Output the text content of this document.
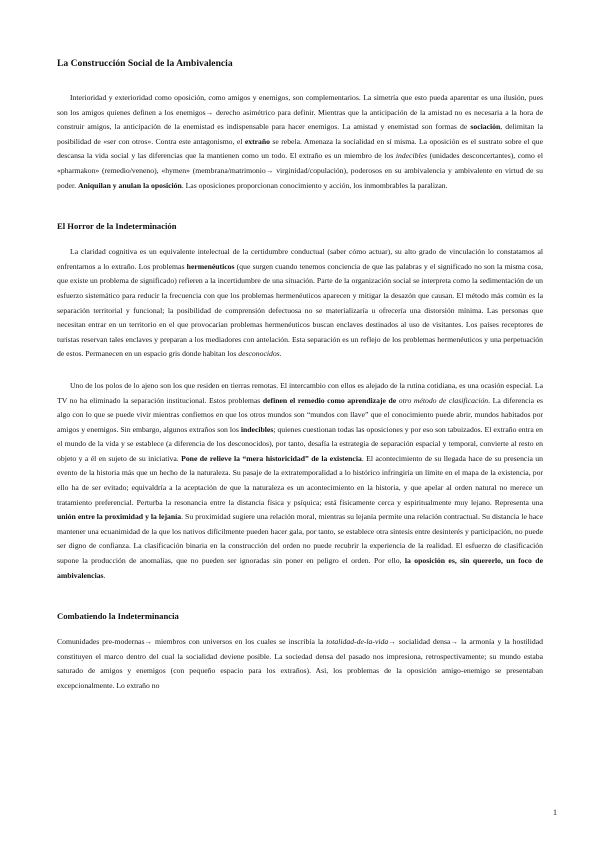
La Construcción Social de la Ambivalencia

Interioridad y exterioridad como oposición, como amigos y enemigos, son complementarios. La simetría que esto pueda aparentar es una ilusión, pues son los amigos quienes definen a los enemigos→ derecho asimétrico para definir. Mientras que la anticipación de la amistad no es necesaria a la hora de construir amigos, la anticipación de la enemistad es indispensable para hacer enemigos. La amistad y enemistad son formas de sociación, delimitan la posibilidad de «ser con otros». Contra este antagonismo, el extraño se rebela. Amenaza la socialidad en sí misma. La oposición es el sustrato sobre el que descansa la vida social y las diferencias que la mantienen como un todo. El extraño es un miembro de los indecibles (unidades desconcertantes), como el «pharmakon» (remedio/veneno), «hymen» (membrana/matrimonio→ virginidad/copulación), poderosos en su ambivalencia y ambivalente en virtud de su poder. Aniquilan y anulan la oposición. Las oposiciones proporcionan conocimiento y acción, los inmombrables la paralizan.

El Horror de la Indeterminación

La claridad cognitiva es un equivalente intelectual de la certidumbre conductual (saber cómo actuar), su alto grado de vinculación lo constatamos al enfrentarnos a lo extraño. Los problemas hermenéuticos (que surgen cuando tenemos conciencia de que las palabras y el significado no son la misma cosa, que existe un problema de significado) refieren a la incertidumbre de una situación. Parte de la organización social se interpreta como la sedimentación de un esfuerzo sistemático para reducir la frecuencia con que los problemas hermenéuticos aparecen y mitigar la desazón que causan. El método más común es la separación territorial y funcional; la posibilidad de comprensión defectuosa no se materializaría u ofrecería una distorsión mínima. Las personas que necesitan entrar en un territorio en el que provocarían problemas hermenéuticos buscan enclaves destinados al uso de visitantes. Los países receptores de turistas reservan tales enclaves y preparan a los mediadores con antelación. Esta separación es un reflejo de los problemas hermenéuticos y una perpetuación de estos. Permanecen en un espacio gris donde habitan los desconocidos.

Uno de los polos de lo ajeno son los que residen en tierras remotas. El intercambio con ellos es alejado de la rutina cotidiana, es una ocasión especial. La TV no ha eliminado la separación institucional. Estos problemas definen el remedio como aprendizaje de otro método de clasificación. La diferencia es algo con lo que se puede vivir mientras confiemos en que los otros mundos son “mundos con llave” que el conocimiento puede abrir, mundos habitados por amigos y enemigos. Sin embargo, algunos extraños son los indecibles; quienes cuestionan todas las oposiciones y por eso son tabuizados. El extraño entra en el mundo de la vida y se establece (a diferencia de los desconocidos), por tanto, desafía la estrategia de separación espacial y temporal, convierte al resto en objeto y a él en sujeto de su iniciativa. Pone de relieve la “mera historicidad” de la existencia. El acontecimiento de su llegada hace de su presencia un evento de la historia más que un hecho de la naturaleza. Su pasaje de la extratemporalidad a lo histórico infringiría un límite en el mapa de la existencia, por ello ha de ser evitado; equivaldría a la aceptación de que la naturaleza es un acontecimiento en la historia, y que apelar al orden natural no merece un tratamiento preferencial. Perturba la resonancia entre la distancia física y psíquica; está físicamente cerca y espiritualmente muy lejano. Representa una unión entre la proximidad y la lejanía. Su proximidad sugiere una relación moral, mientras su lejanía permite una relación contractual. Su distancia le hace mantener una ecuanimidad de la que los nativos difícilmente pueden hacer gala, por tanto, se establece otra síntesis entre desinterés y participación, no puede ser digno de confianza. La clasificación binaria en la construcción del orden no puede recubrir la experiencia de la realidad. El esfuerzo de clasificación supone la producción de anomalías, que no pueden ser ignoradas sin poner en peligro el orden. Por ello, la oposición es, sin quererlo, un foco de ambivalencias.

Combatiendo la Indeterminancia

Comunidades pre-modernas→ miembros con universos en los cuales se inscribía la totalidad-de-la-vida→ socialidad densa→ la armonía y la hostilidad constituyen el marco dentro del cual la socialidad deviene posible. La sociedad densa del pasado nos impresiona, retrospectivamente; su mundo estaba saturado de amigos y enemigos (con pequeño espacio para los extraños). Así, los problemas de la oposición amigo-enemigo se presentaban excepcionalmente. Lo extraño no

1
